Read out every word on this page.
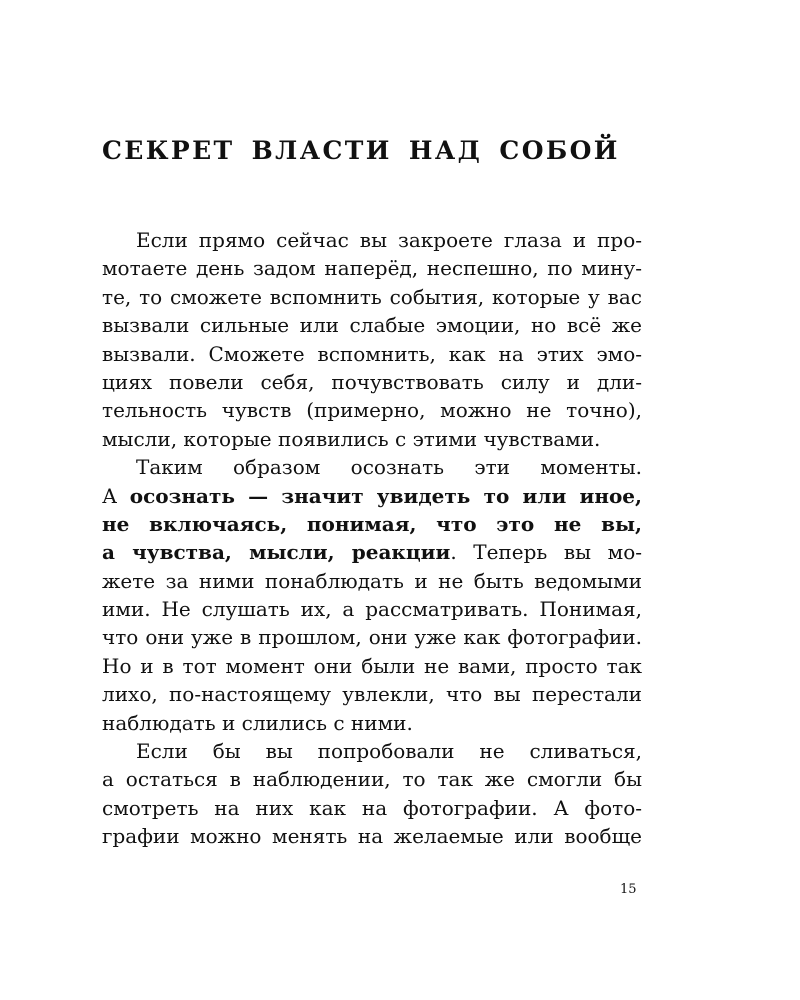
СЕКРЕТ ВЛАСТИ НАД СОБОЙ
Если прямо сейчас вы закроете глаза и про-
мотаете день задом наперёд, неспешно, по мину-
те, то сможете вспомнить события, которые у вас
вызвали сильные или слабые эмоции, но всё же
вызвали. Сможете вспомнить, как на этих эмо-
циях повели себя, почувствовать силу и дли-
тельность чувств (примерно, можно не точно),
мысли, которые появились с этими чувствами.
Таким образом осознать эти моменты.
А осознать — значит увидеть то или иное,
не включаясь, понимая, что это не вы,
а чувства, мысли, реакции. Теперь вы мо-
жете за ними понаблюдать и не быть ведомыми
ими. Не слушать их, а рассматривать. Понимая,
что они уже в прошлом, они уже как фотографии.
Но и в тот момент они были не вами, просто так
лихо, по-настоящему увлекли, что вы перестали
наблюдать и слились с ними.
Если бы вы попробовали не сливаться,
а остаться в наблюдении, то так же смогли бы
смотреть на них как на фотографии. А фото-
графии можно менять на желаемые или вообще
15
